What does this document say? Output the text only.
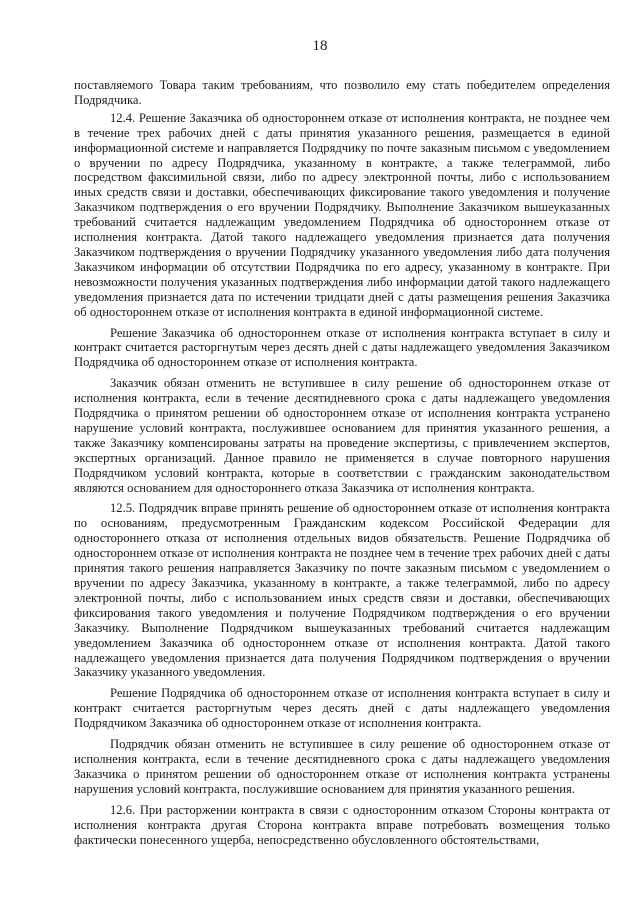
18

поставляемого Товара таким требованиям, что позволило ему стать победителем определения Подрядчика.

12.4. Решение Заказчика об одностороннем отказе от исполнения контракта, не позднее чем в течение трех рабочих дней с даты принятия указанного решения, размещается в единой информационной системе и направляется Подрядчику по почте заказным письмом с уведомлением о вручении по адресу Подрядчика, указанному в контракте, а также телеграммой, либо посредством факсимильной связи, либо по адресу электронной почты, либо с использованием иных средств связи и доставки, обеспечивающих фиксирование такого уведомления и получение Заказчиком подтверждения о его вручении Подрядчику. Выполнение Заказчиком вышеуказанных требований считается надлежащим уведомлением Подрядчика об одностороннем отказе от исполнения контракта. Датой такого надлежащего уведомления признается дата получения Заказчиком подтверждения о вручении Подрядчику указанного уведомления либо дата получения Заказчиком информации об отсутствии Подрядчика по его адресу, указанному в контракте. При невозможности получения указанных подтверждения либо информации датой такого надлежащего уведомления признается дата по истечении тридцати дней с даты размещения решения Заказчика об одностороннем отказе от исполнения контракта в единой информационной системе.

Решение Заказчика об одностороннем отказе от исполнения контракта вступает в силу и контракт считается расторгнутым через десять дней с даты надлежащего уведомления Заказчиком Подрядчика об одностороннем отказе от исполнения контракта.

Заказчик обязан отменить не вступившее в силу решение об одностороннем отказе от исполнения контракта, если в течение десятидневного срока с даты надлежащего уведомления Подрядчика о принятом решении об одностороннем отказе от исполнения контракта устранено нарушение условий контракта, послужившее основанием для принятия указанного решения, а также Заказчику компенсированы затраты на проведение экспертизы, с привлечением экспертов, экспертных организаций. Данное правило не применяется в случае повторного нарушения Подрядчиком условий контракта, которые в соответствии с гражданским законодательством являются основанием для одностороннего отказа Заказчика от исполнения контракта.

12.5. Подрядчик вправе принять решение об одностороннем отказе от исполнения контракта по основаниям, предусмотренным Гражданским кодексом Российской Федерации для одностороннего отказа от исполнения отдельных видов обязательств. Решение Подрядчика об одностороннем отказе от исполнения контракта не позднее чем в течение трех рабочих дней с даты принятия такого решения направляется Заказчику по почте заказным письмом с уведомлением о вручении по адресу Заказчика, указанному в контракте, а также телеграммой, либо по адресу электронной почты, либо с использованием иных средств связи и доставки, обеспечивающих фиксирования такого уведомления и получение Подрядчиком подтверждения о его вручении Заказчику. Выполнение Подрядчиком вышеуказанных требований считается надлежащим уведомлением Заказчика об одностороннем отказе от исполнения контракта. Датой такого надлежащего уведомления признается дата получения Подрядчиком подтверждения о вручении Заказчику указанного уведомления.

Решение Подрядчика об одностороннем отказе от исполнения контракта вступает в силу и контракт считается расторгнутым через десять дней с даты надлежащего уведомления Подрядчиком Заказчика об одностороннем отказе от исполнения контракта.

Подрядчик обязан отменить не вступившее в силу решение об одностороннем отказе от исполнения контракта, если в течение десятидневного срока с даты надлежащего уведомления Заказчика о принятом решении об одностороннем отказе от исполнения контракта устранены нарушения условий контракта, послужившие основанием для принятия указанного решения.

12.6. При расторжении контракта в связи с односторонним отказом Стороны контракта от исполнения контракта другая Сторона контракта вправе потребовать возмещения только фактически понесенного ущерба, непосредственно обусловленного обстоятельствами,
